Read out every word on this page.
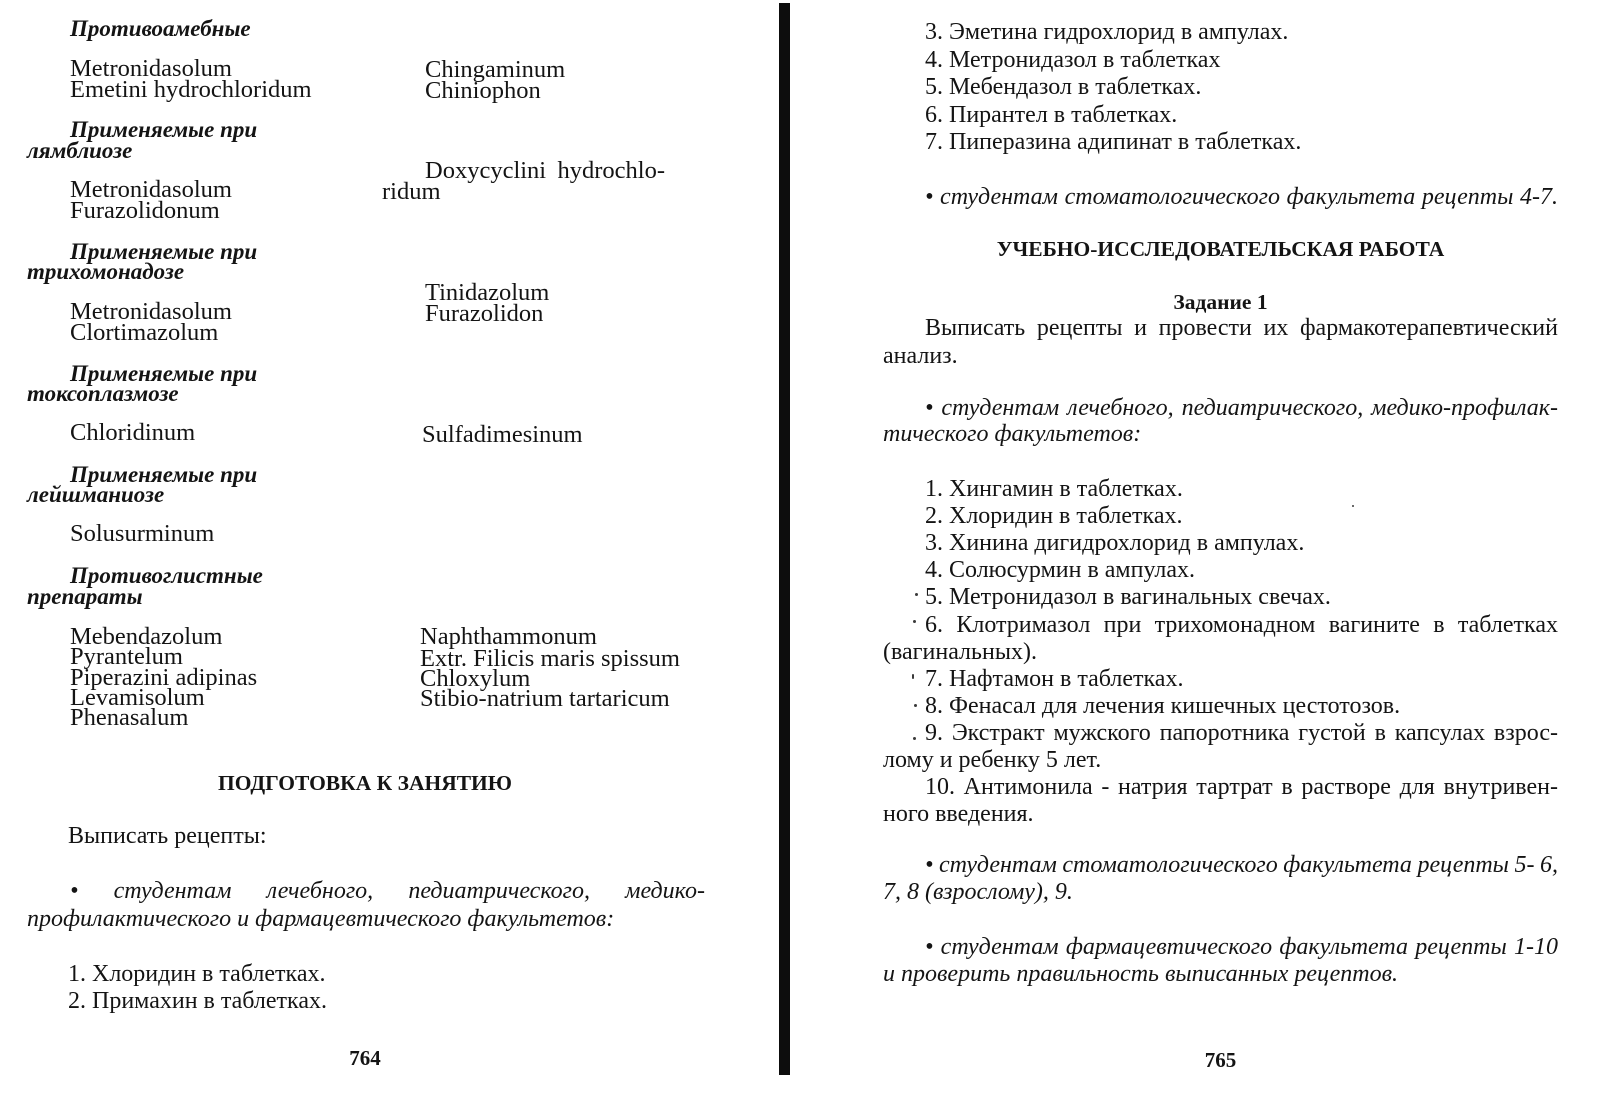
Противоамебные
Metronidasolum
Emetini hydrochloridum
Chingaminum
Chiniophon
Применяемые при
лямблиозе
Metronidasolum
Furazolidonum
Doxycyclini hydrochlo-
ridum
Применяемые при
трихомонадозе
Metronidasolum
Clortimazolum
Tinidazolum
Furazolidon
Применяемые при
токсоплазмозе
Chloridinum	Sulfadimesinum
Применяемые при
лейшманиозе
Solusurminum
Противоглистные
препараты
Mebendazolum
Pyrantelum
Piperazini adipinas
Levamisolum
Phenasalum
Naphthammonum
Extr. Filicis maris spissum
Chloxylum
Stibio-natrium tartaricum
ПОДГОТОВКА К ЗАНЯТИЮ
Выписать рецепты:
• студентам лечебного, педиатрического, медико-
профилактического и фармацевтического факультетов:
1. Хлоридин в таблетках.
2. Примахин в таблетках.
764
3. Эметина гидрохлорид в ампулах.
4. Метронидазол в таблетках
5. Мебендазол в таблетках.
6. Пирантел в таблетках.
7. Пиперазина адипинат в таблетках.
• студентам стоматологического факультета рецепты 4-7.
УЧЕБНО-ИССЛЕДОВАТЕЛЬСКАЯ РАБОТА
Задание 1
Выписать рецепты и провести их фармакотерапевтический
анализ.
• студентам лечебного, педиатрического, медико-профилак-
тического факультетов:
1. Хингамин в таблетках.
2. Хлоридин в таблетках.
3. Хинина дигидрохлорид в ампулах.
4. Солюсурмин в ампулах.
5. Метронидазол в вагинальных свечах.
6. Клотримазол при трихомонадном вагините в таблетках
(вагинальных).
7. Нафтамон в таблетках.
8. Фенасал для лечения кишечных цестотозов.
9. Экстракт мужского папоротника густой в капсулах взрос-
лому и ребенку 5 лет.
10. Антимонила - натрия тартрат в растворе для внутривен-
ного введения.
• студентам стоматологического факультета рецепты 5- 6,
7, 8 (взрослому), 9.
• студентам фармацевтического факультета рецепты 1-10
и проверить правильность выписанных рецептов.
765
